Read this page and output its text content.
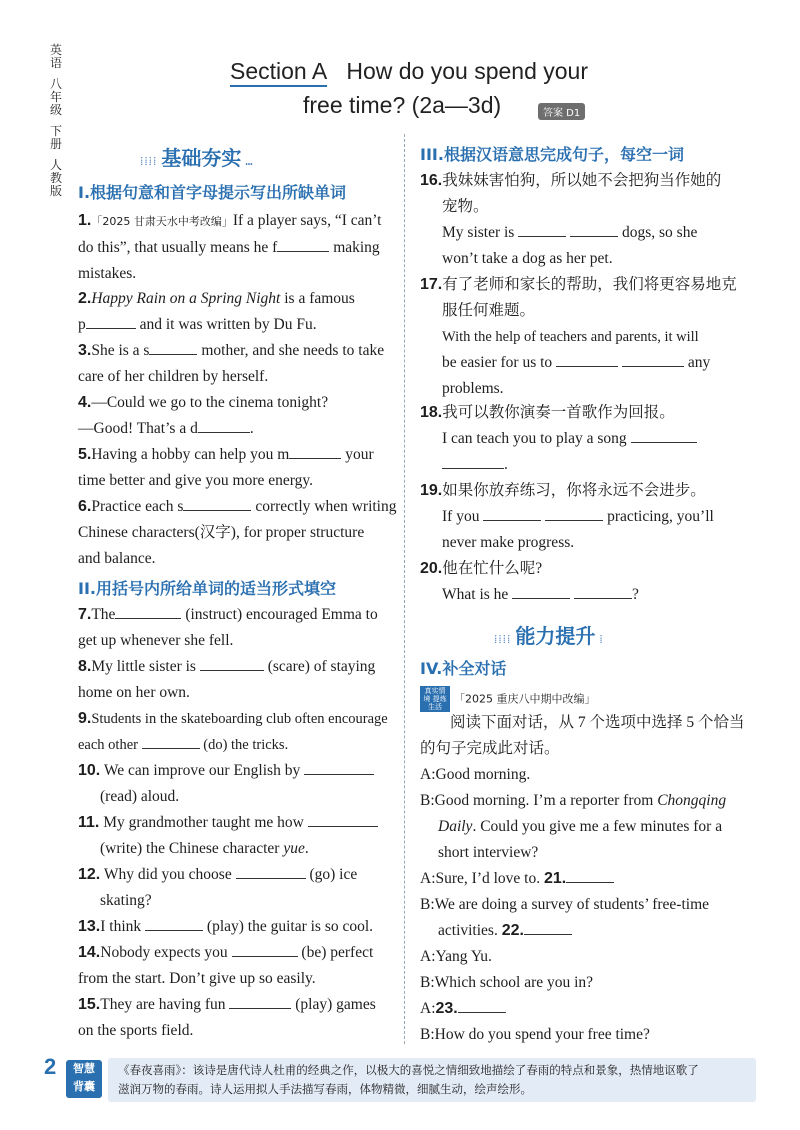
英语
八年级
下册
人教版
Section A How do you spend your
free time? (2a—3d)	答案 D1
⁞⁞⁞⁞ 基础夯实 …
I.根据句意和首字母提示写出所缺单词
1.「2025 甘肃天水中考改编」If a player says, “I can’t
do this”, that usually means he f	making
mistakes.
2.Happy Rain on a Spring Night is a famous
p	and it was written by Du Fu.
3.She is a s	mother, and she needs to take
care of her children by herself.
4.—Could we go to the cinema tonight?
—Good! That’s a d	.
5.Having a hobby can help you m	your
time better and give you more energy.
6.Practice each s	correctly when writing
Chinese characters(汉字), for proper structure
and balance.
II.用括号内所给单词的适当形式填空
7.The	(instruct) encouraged Emma to
get up whenever she fell.
8.My little sister is	(scare) of staying
home on her own.
9.Students in the skateboarding club often encourage
each other	(do) the tricks.
10. We can improve our English by
(read) aloud.
11. My grandmother taught me how
(write) the Chinese character yue.
12. Why did you choose	(go) ice
skating?
13.I think	(play) the guitar is so cool.
14.Nobody expects you	(be) perfect
from the start. Don’t give up so easily.
15.They are having fun	(play) games
on the sports field.
III.根据汉语意思完成句子，每空一词
16.我妹妹害怕狗，所以她不会把狗当作她的
宠物。
My sister is	dogs, so she
won’t take a dog as her pet.
17.有了老师和家长的帮助，我们将更容易地克
服任何难题。
With the help of teachers and parents, it will
be easier for us to	any
problems.
18.我可以教你演奏一首歌作为回报。
I can teach you to play a song
.
19.如果你放弃练习，你将永远不会进步。
If you	practicing, you’ll
never make progress.
20.他在忙什么呢?
What is he	?
⁞⁞⁞⁞ 能力提升 ⁞
IV.补全对话
真实情境 提炼生活 「2025 重庆八中期中改编」
阅读下面对话，从 7 个选项中选择 5 个恰当
的句子完成此对话。
A:Good morning.
B:Good morning. I’m a reporter from Chongqing
Daily. Could you give me a few minutes for a
short interview?
A:Sure, I’d love to. 21.
B:We are doing a survey of students’ free-time
activities. 22.
A:Yang Yu.
B:Which school are you in?
A:23.
B:How do you spend your free time?
2	智慧
背囊
《春夜喜雨》：该诗是唐代诗人杜甫的经典之作，以极大的喜悦之情细致地描绘了春雨的特点和景象，热情地讴歌了
滋润万物的春雨。诗人运用拟人手法描写春雨，体物精微，细腻生动，绘声绘形。
